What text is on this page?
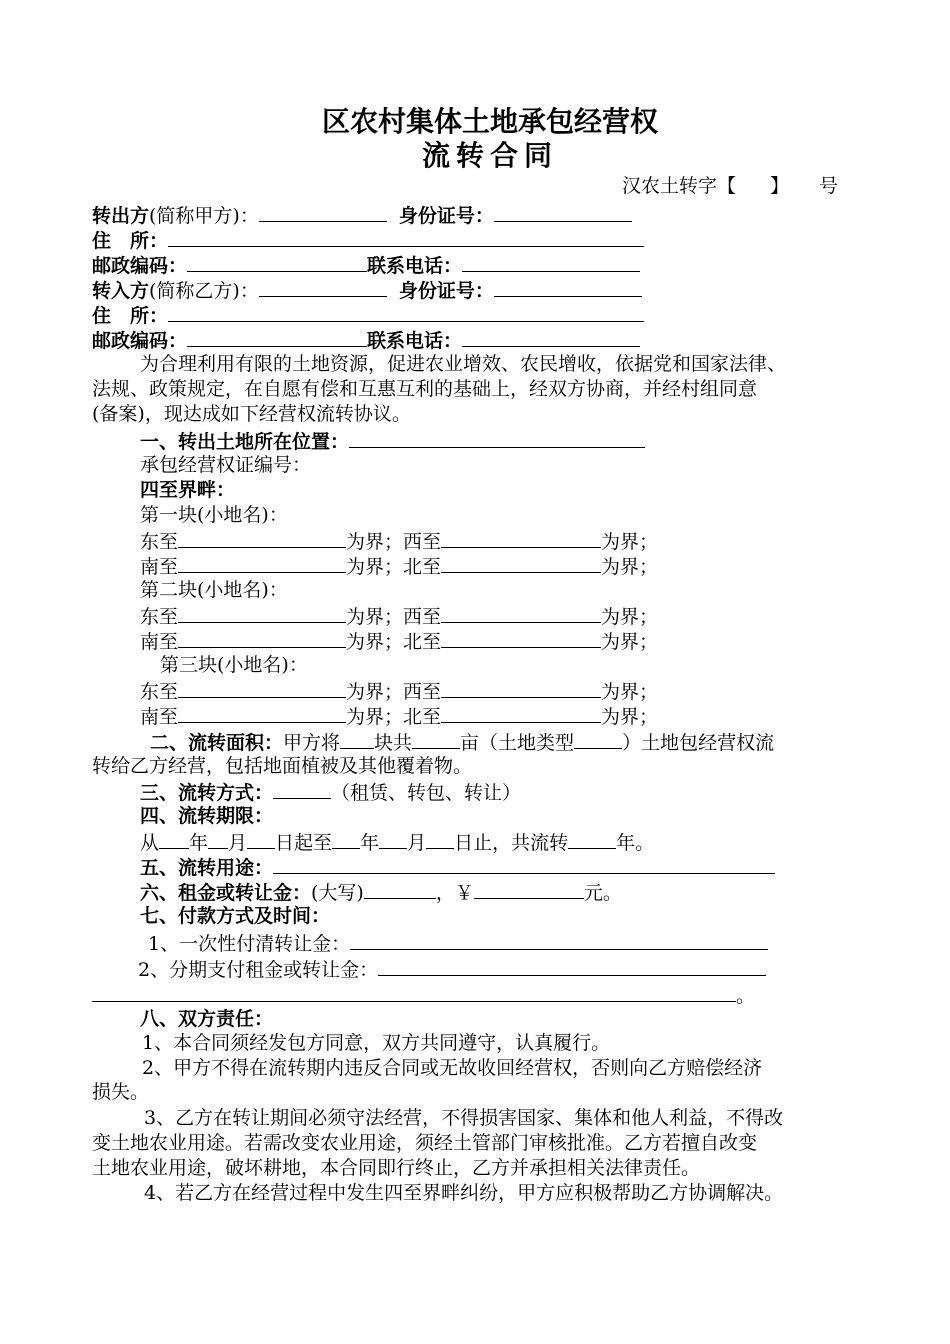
区农村集体土地承包经营权
流转合同
汉农土转字【 】 号
转出方(简称甲方)：	身份证号：
住　所：
邮政编码：	联系电话：
转入方(简称乙方)：	身份证号：
住　所：
邮政编码：	联系电话：
为合理利用有限的土地资源，促进农业增效、农民增收，依据党和国家法律、
法规、政策规定，在自愿有偿和互惠互利的基础上，经双方协商，并经村组同意
(备案)，现达成如下经营权流转协议。
一、转出土地所在位置：
承包经营权证编号：
四至界畔：
第一块(小地名)：
东至	为界；西至	为界；
南至	为界；北至	为界；
第二块(小地名)：
东至	为界；西至	为界；
南至	为界；北至	为界；
第三块(小地名)：
东至	为界；西至	为界；
南至	为界；北至	为界；
二、流转面积：甲方将 块共	亩（土地类型	）土地包经营权流
转给乙方经营，包括地面植被及其他覆着物。
三、流转方式：	（租赁、转包、转让）
四、流转期限：
从 年 月 日起至 年 月 日止，共流转	年。
五、流转用途：
六、租金或转让金：(大写)	，￥	元。
七、付款方式及时间：
1、一次性付清转让金：
2、分期支付租金或转让金：
。
八、双方责任：
1、本合同须经发包方同意，双方共同遵守，认真履行。
2、甲方不得在流转期内违反合同或无故收回经营权，否则向乙方赔偿经济
损失。
3、乙方在转让期间必须守法经营，不得损害国家、集体和他人利益，不得改
变土地农业用途。若需改变农业用途，须经土管部门审核批准。乙方若擅自改变
土地农业用途，破坏耕地，本合同即行终止，乙方并承担相关法律责任。
4、若乙方在经营过程中发生四至界畔纠纷，甲方应积极帮助乙方协调解决。
